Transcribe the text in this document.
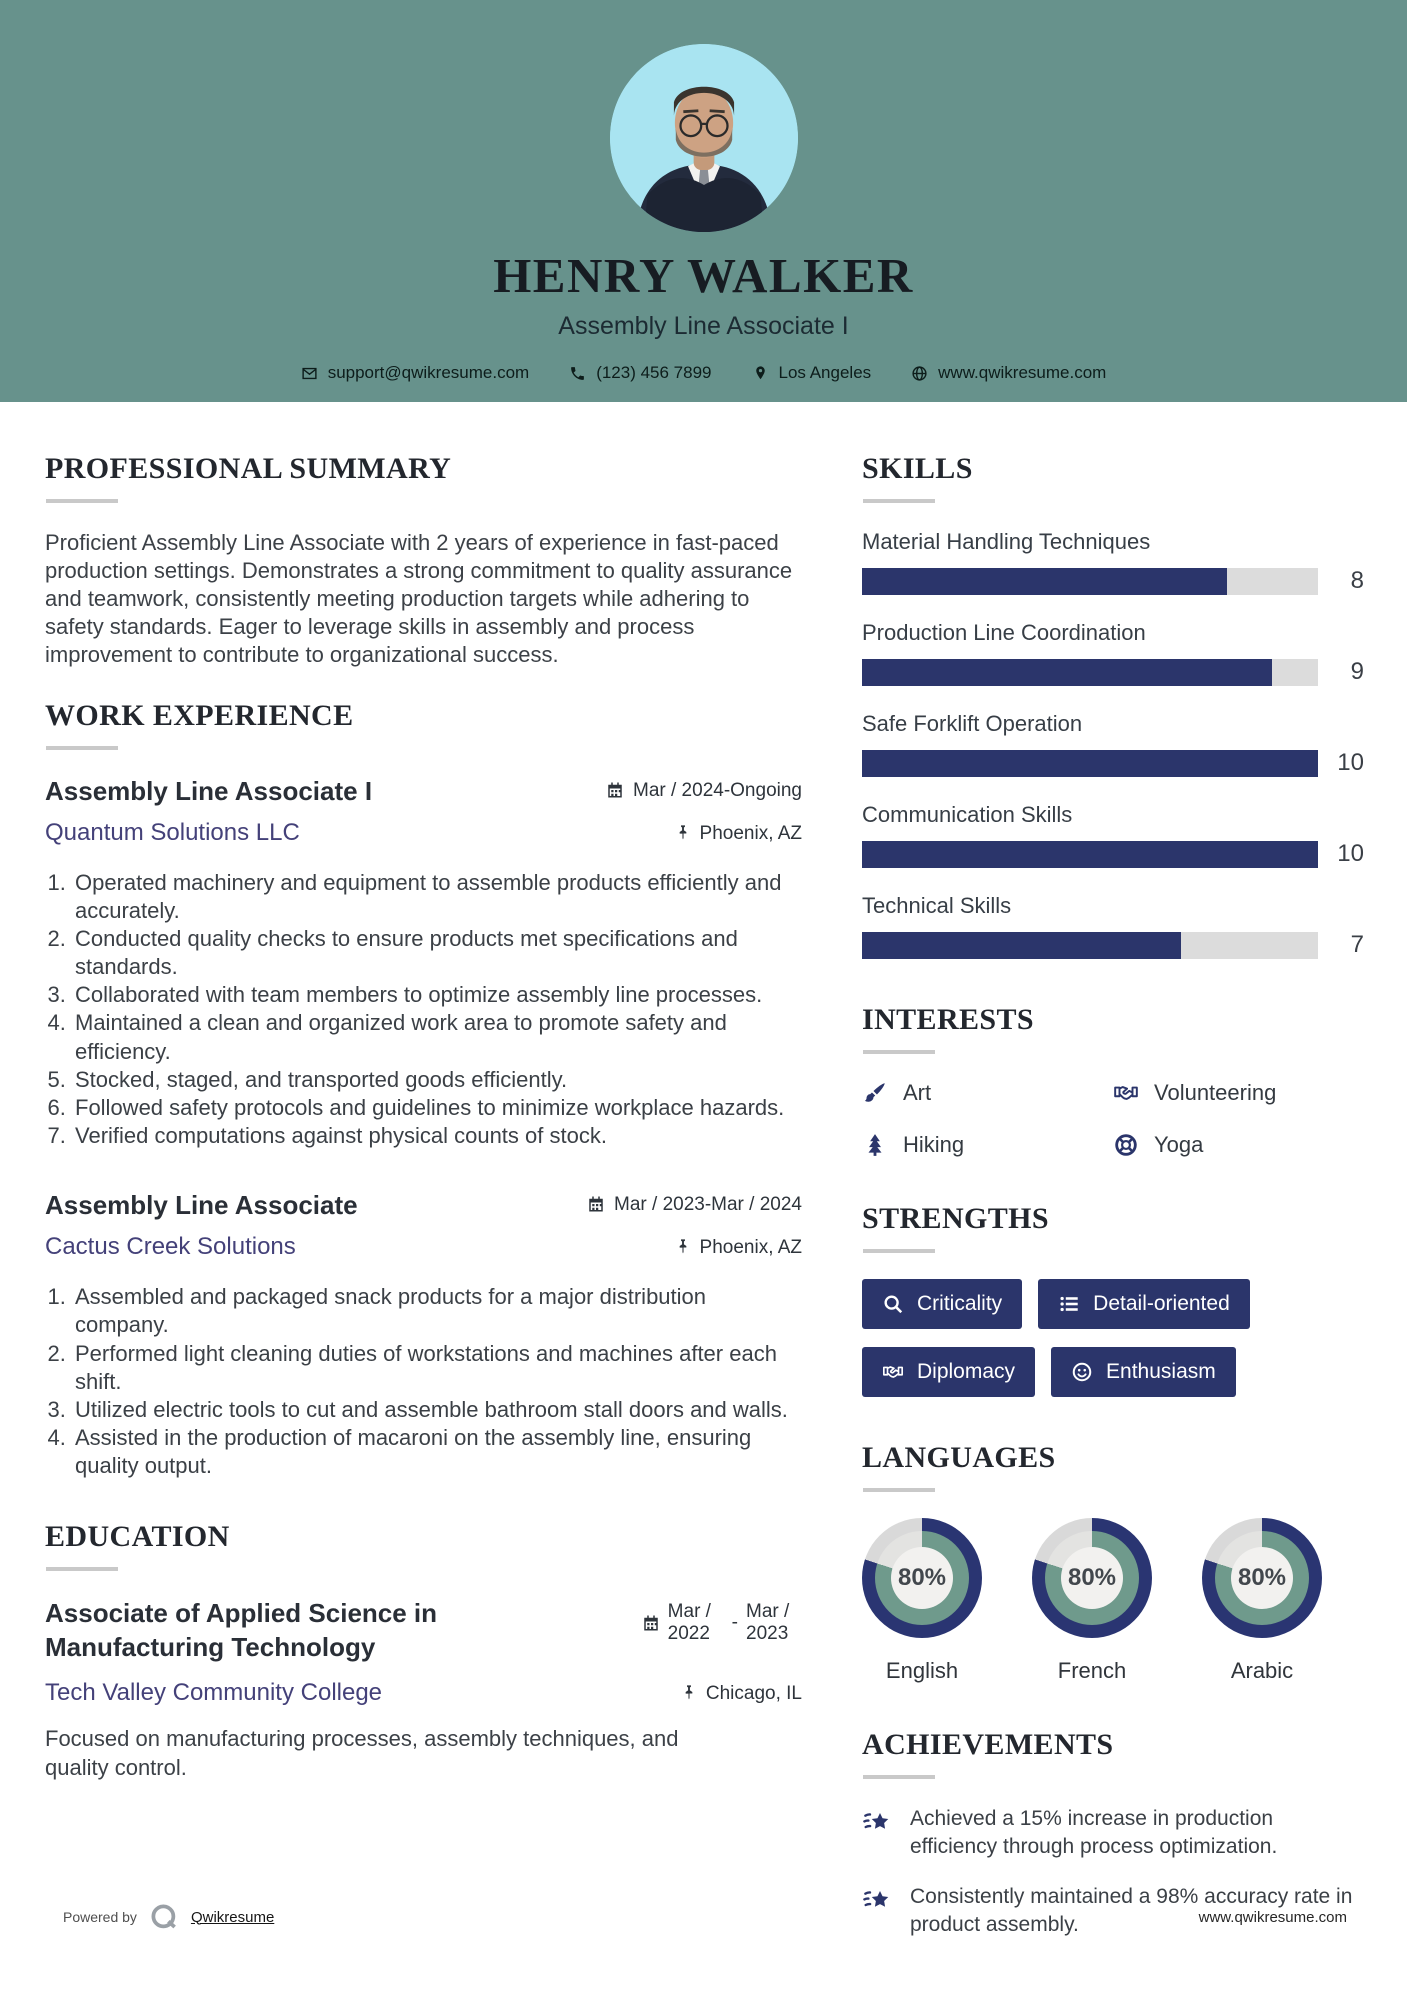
HENRY WALKER
Assembly Line Associate I
support@qwikresume.com	(123) 456 7899	Los Angeles	www.qwikresume.com
PROFESSIONAL SUMMARY

Proficient Assembly Line Associate with 2 years of experience in fast-paced production settings. Demonstrates a strong commitment to quality assurance and teamwork, consistently meeting production targets while adhering to safety standards. Eager to leverage skills in assembly and process improvement to contribute to organizational success.

WORK EXPERIENCE
Assembly Line Associate I	Mar / 2024-Ongoing
Quantum Solutions LLC	Phoenix, AZ
1. Operated machinery and equipment to assemble products efficiently and accurately.
2. Conducted quality checks to ensure products met specifications and standards.
3. Collaborated with team members to optimize assembly line processes.
4. Maintained a clean and organized work area to promote safety and efficiency.
5. Stocked, staged, and transported goods efficiently.
6. Followed safety protocols and guidelines to minimize workplace hazards.
7. Verified computations against physical counts of stock.
Assembly Line Associate	Mar / 2023-Mar / 2024
Cactus Creek Solutions	Phoenix, AZ
1. Assembled and packaged snack products for a major distribution company.
2. Performed light cleaning duties of workstations and machines after each shift.
3. Utilized electric tools to cut and assemble bathroom stall doors and walls.
4. Assisted in the production of macaroni on the assembly line, ensuring quality output.
EDUCATION
Associate of Applied Science in Manufacturing Technology
Mar / 2022
-
Mar / 2023
Tech Valley Community College	Chicago, IL

Focused on manufacturing processes, assembly techniques, and quality control.

SKILLS
Material Handling Techniques
8
Production Line Coordination
9
Safe Forklift Operation
10
Communication Skills
10
Technical Skills
7
INTERESTS
Art	Volunteering
Hiking	Yoga
STRENGTHS
Criticality	Detail-oriented
Diplomacy	Enthusiasm
LANGUAGES
80%
English
80%
French
80%
Arabic
ACHIEVEMENTS
Achieved a 15% increase in production efficiency through process optimization.
Consistently maintained a 98% accuracy rate in product assembly.
Powered by	Qwikresume	www.qwikresume.com
